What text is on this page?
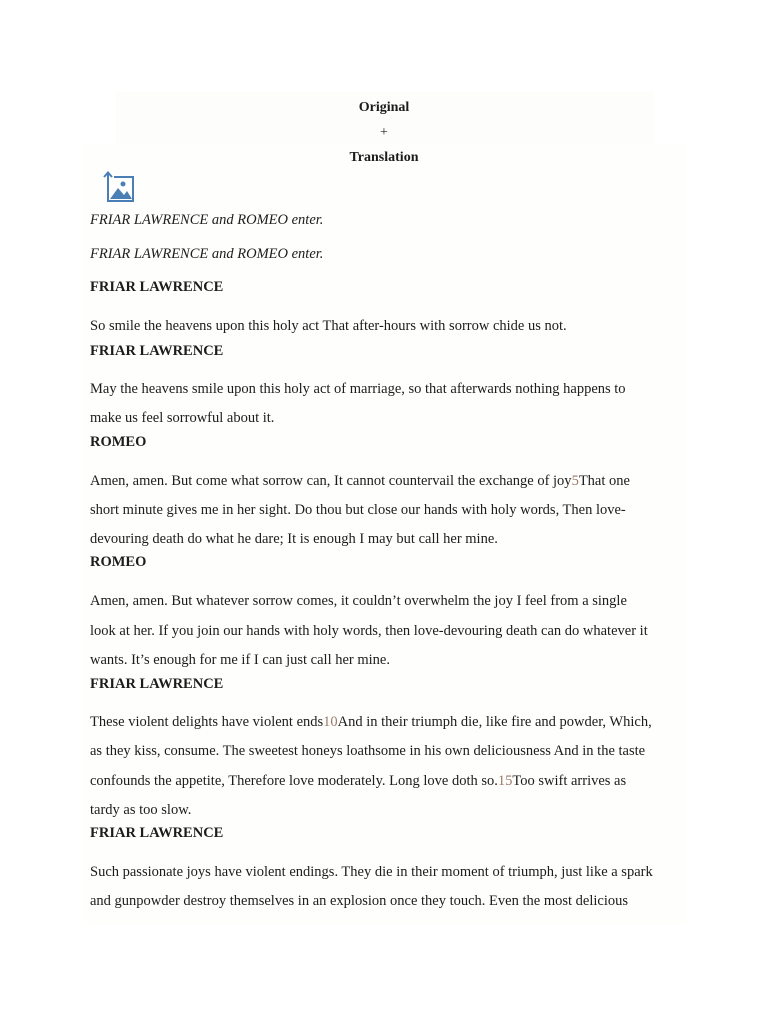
Original
+
Translation
FRIAR LAWRENCE and ROMEO enter.
FRIAR LAWRENCE and ROMEO enter.
FRIAR LAWRENCE
So smile the heavens upon this holy act That after-hours with sorrow chide us not.
FRIAR LAWRENCE
May the heavens smile upon this holy act of marriage, so that afterwards nothing happens to
make us feel sorrowful about it.
ROMEO
Amen, amen. But come what sorrow can, It cannot countervail the exchange of joy5That one
short minute gives me in her sight. Do thou but close our hands with holy words, Then love-
devouring death do what he dare; It is enough I may but call her mine.
ROMEO
Amen, amen. But whatever sorrow comes, it couldn’t overwhelm the joy I feel from a single
look at her. If you join our hands with holy words, then love-devouring death can do whatever it
wants. It’s enough for me if I can just call her mine.
FRIAR LAWRENCE
These violent delights have violent ends10And in their triumph die, like fire and powder, Which,
as they kiss, consume. The sweetest honeys loathsome in his own deliciousness And in the taste
confounds the appetite, Therefore love moderately. Long love doth so.15Too swift arrives as
tardy as too slow.
FRIAR LAWRENCE
Such passionate joys have violent endings. They die in their moment of triumph, just like a spark
and gunpowder destroy themselves in an explosion once they touch. Even the most delicious
